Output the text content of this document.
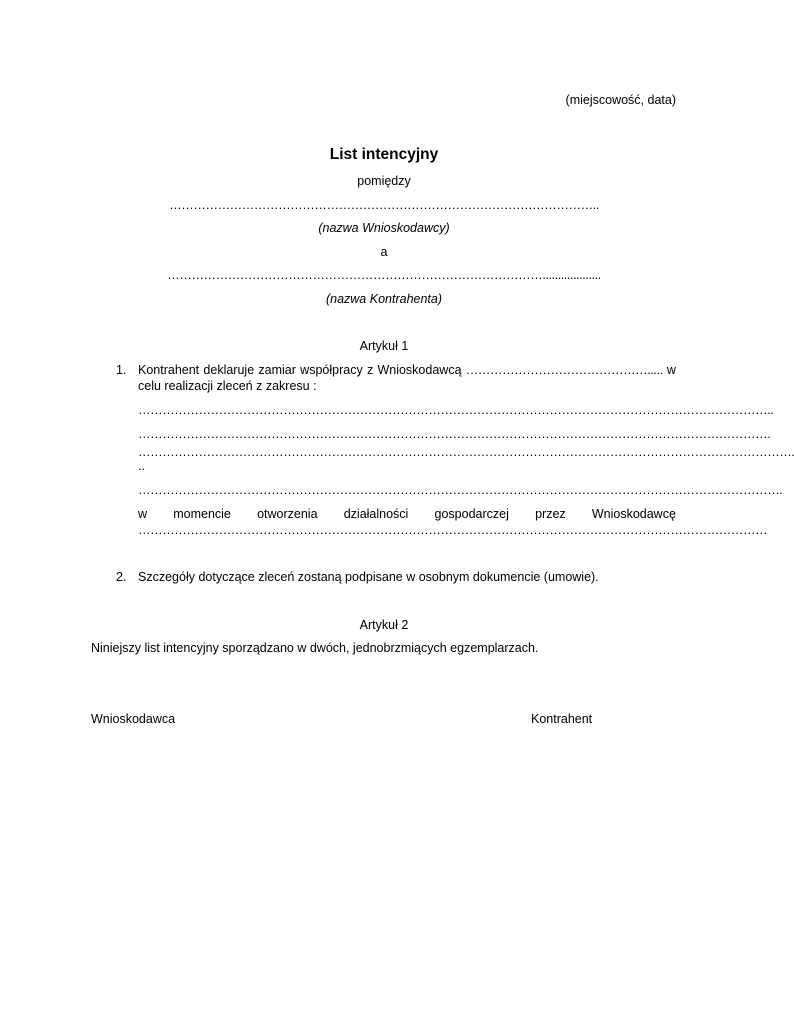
(miejscowość, data)
List intencyjny
pomiędzy
……………………………………………………………………………………………..
(nazwa Wnioskodawcy)
a
…………………………………………………………………………………...................
(nazwa Kontrahenta)
Artykuł 1
1. Kontrahent deklaruje zamiar współpracy z Wnioskodawcą ………………………………………..... w
celu realizacji zleceń z zakresu :
…………………………………………………………………………………………………………………………………………..
………………………………………………………………………………………………………………………………………….
……………………………………………………………………………………………………………………………………………….
..
…………………………………………………………………………………………………………………………………………….
w momencie otworzenia działalności gospodarczej przez Wnioskodawcę
…………………………………………………………………………………………………………………………………………
2. Szczegóły dotyczące zleceń zostaną podpisane w osobnym dokumencie (umowie).
Artykuł 2
Niniejszy list intencyjny sporządzano w dwóch, jednobrzmiących egzemplarzach.
Wnioskodawca	Kontrahent
